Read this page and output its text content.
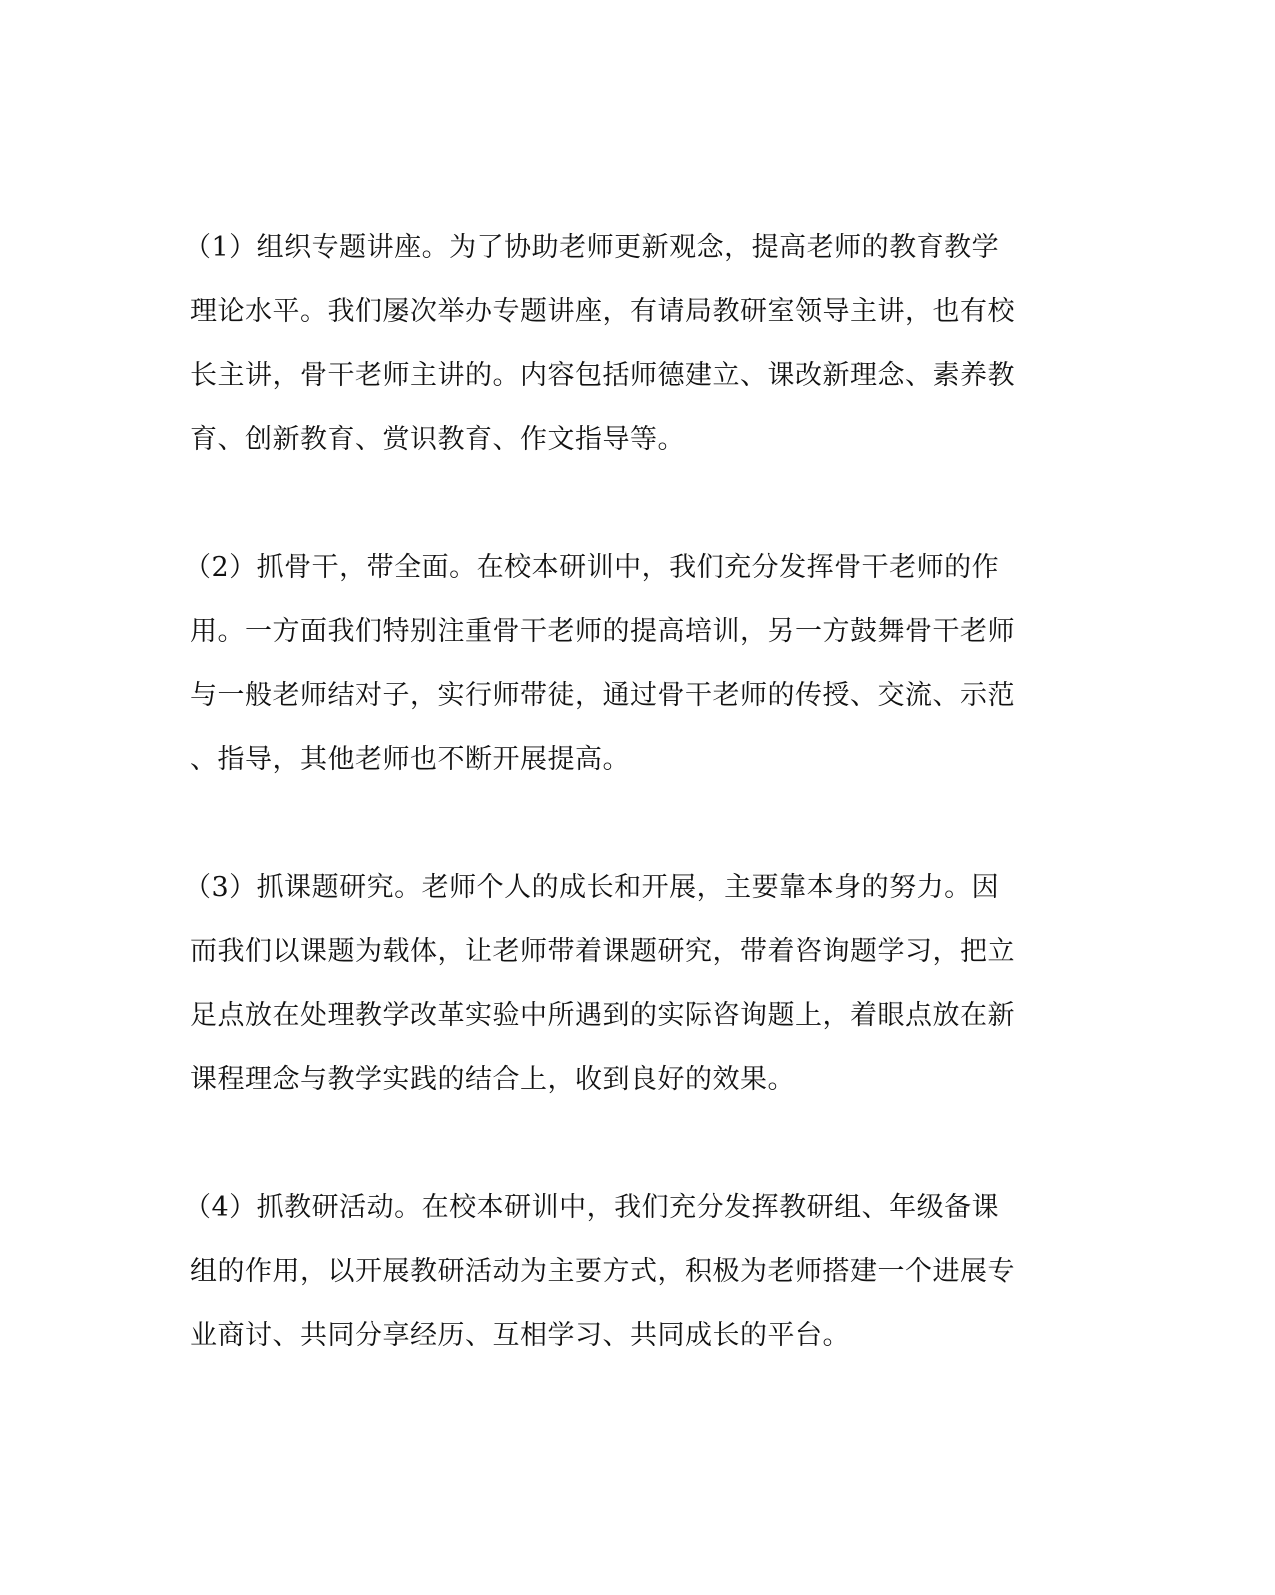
（1）组织专题讲座。为了协助老师更新观念，提高老师的教育教学
理论水平。我们屡次举办专题讲座，有请局教研室领导主讲，也有校
长主讲，骨干老师主讲的。内容包括师德建立、课改新理念、素养教
育、创新教育、赏识教育、作文指导等。
（2）抓骨干，带全面。在校本研训中，我们充分发挥骨干老师的作
用。一方面我们特别注重骨干老师的提高培训，另一方鼓舞骨干老师
与一般老师结对子，实行师带徒，通过骨干老师的传授、交流、示范
、指导，其他老师也不断开展提高。
（3）抓课题研究。老师个人的成长和开展，主要靠本身的努力。因
而我们以课题为载体，让老师带着课题研究，带着咨询题学习，把立
足点放在处理教学改革实验中所遇到的实际咨询题上，着眼点放在新
课程理念与教学实践的结合上，收到良好的效果。
（4）抓教研活动。在校本研训中，我们充分发挥教研组、年级备课
组的作用，以开展教研活动为主要方式，积极为老师搭建一个进展专
业商讨、共同分享经历、互相学习、共同成长的平台。
